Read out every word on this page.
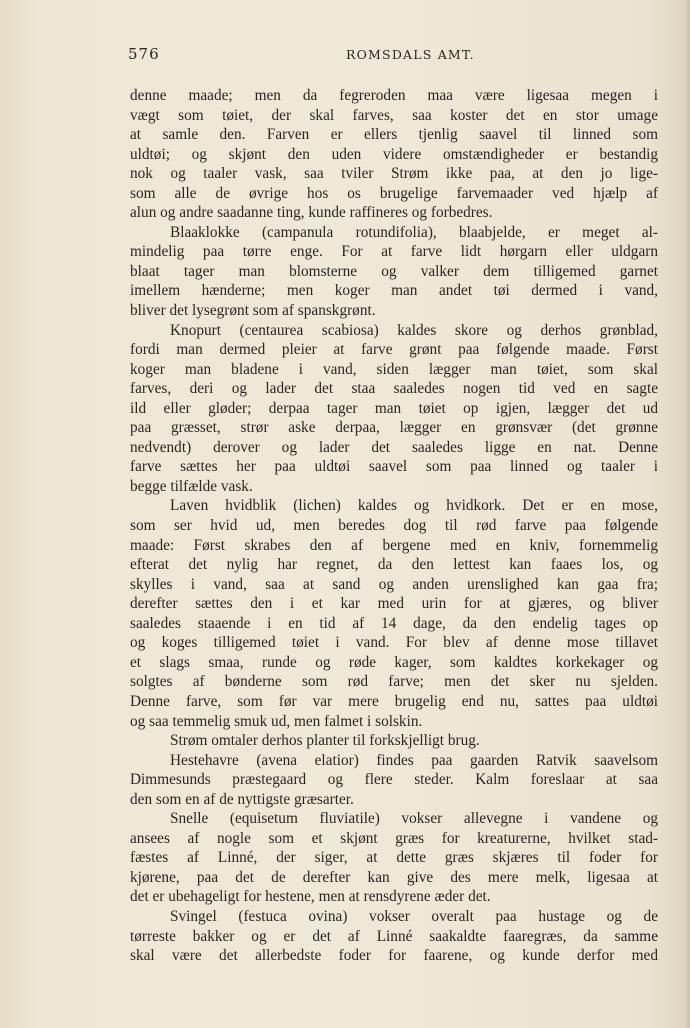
576	ROMSDALS AMT.
denne maade; men da fegreroden maa være ligesaa megen i
vægt som tøiet, der skal farves, saa koster det en stor umage
at samle den. Farven er ellers tjenlig saavel til linned som
uldtøi; og skjønt den uden videre omstændigheder er bestandig
nok og taaler vask, saa tviler Strøm ikke paa, at den jo lige-
som alle de øvrige hos os brugelige farvemaader ved hjælp af
alun og andre saadanne ting, kunde raffineres og forbedres.
Blaaklokke (campanula rotundifolia), blaabjelde, er meget al-
mindelig paa tørre enge. For at farve lidt hørgarn eller uldgarn
blaat tager man blomsterne og valker dem tilligemed garnet
imellem hænderne; men koger man andet tøi dermed i vand,
bliver det lysegrønt som af spanskgrønt.
Knopurt (centaurea scabiosa) kaldes skore og derhos grønblad,
fordi man dermed pleier at farve grønt paa følgende maade. Først
koger man bladene i vand, siden lægger man tøiet, som skal
farves, deri og lader det staa saaledes nogen tid ved en sagte
ild eller gløder; derpaa tager man tøiet op igjen, lægger det ud
paa græsset, strør aske derpaa, lægger en grønsvær (det grønne
nedvendt) derover og lader det saaledes ligge en nat. Denne
farve sættes her paa uldtøi saavel som paa linned og taaler i
begge tilfælde vask.
Laven hvidblik (lichen) kaldes og hvidkork. Det er en mose,
som ser hvid ud, men beredes dog til rød farve paa følgende
maade: Først skrabes den af bergene med en kniv, fornemmelig
efterat det nylig har regnet, da den lettest kan faaes los, og
skylles i vand, saa at sand og anden urenslighed kan gaa fra;
derefter sættes den i et kar med urin for at gjæres, og bliver
saaledes staaende i en tid af 14 dage, da den endelig tages op
og koges tilligemed tøiet i vand. For blev af denne mose tillavet
et slags smaa, runde og røde kager, som kaldtes korkekager og
solgtes af bønderne som rød farve; men det sker nu sjelden.
Denne farve, som før var mere brugelig end nu, sattes paa uldtøi
og saa temmelig smuk ud, men falmet i solskin.
Strøm omtaler derhos planter til forkskjelligt brug.
Hestehavre (avena elatior) findes paa gaarden Ratvik saavelsom
Dimmesunds præstegaard og flere steder. Kalm foreslaar at saa
den som en af de nyttigste græsarter.
Snelle (equisetum fluviatile) vokser allevegne i vandene og
ansees af nogle som et skjønt græs for kreaturerne, hvilket stad-
fæstes af Linné, der siger, at dette græs skjæres til foder for
kjørene, paa det de derefter kan give des mere melk, ligesaa at
det er ubehageligt for hestene, men at rensdyrene æder det.
Svingel (festuca ovina) vokser overalt paa hustage og de
tørreste bakker og er det af Linné saakaldte faaregræs, da samme
skal være det allerbedste foder for faarene, og kunde derfor med
